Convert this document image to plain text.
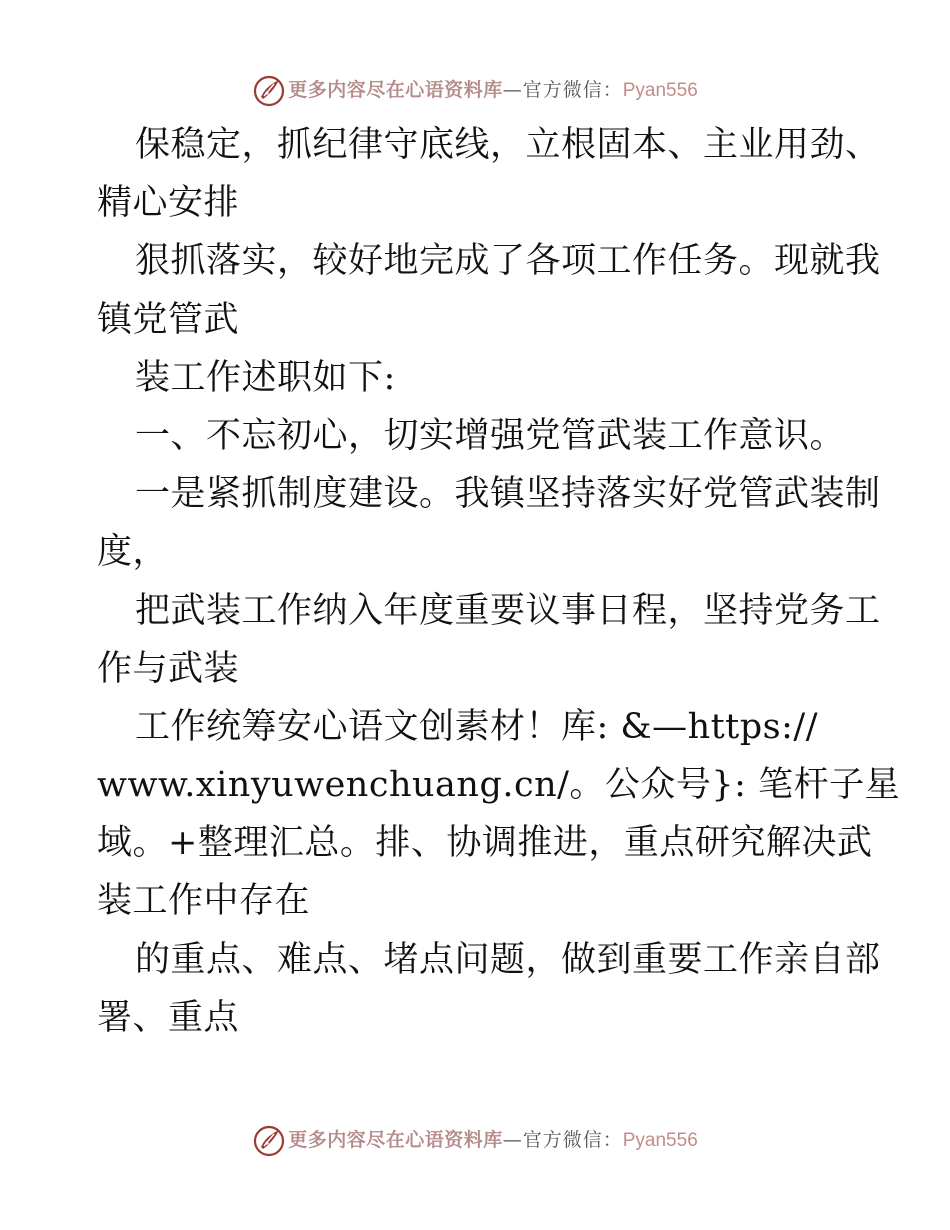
更多内容尽在心语资料库 — 官方微信： Pyan556
保稳定，抓纪律守底线，立根固本、主业用劲、
精心安排
狠抓落实，较好地完成了各项工作任务。现就我
镇党管武
装工作述职如下:
一、不忘初心，切实增强党管武装工作意识。
一是紧抓制度建设。我镇坚持落实好党管武装制
度，
把武装工作纳入年度重要议事日程，坚持党务工
作与武装
工作统筹安心语文创素材！库: &—https://
www.xinyuwenchuang.cn/。公众号}: 笔杆子星
域。+整理汇总。排、协调推进，重点研究解决武
装工作中存在
的重点、难点、堵点问题，做到重要工作亲自部
署、重点
更多内容尽在心语资料库 — 官方微信： Pyan556
